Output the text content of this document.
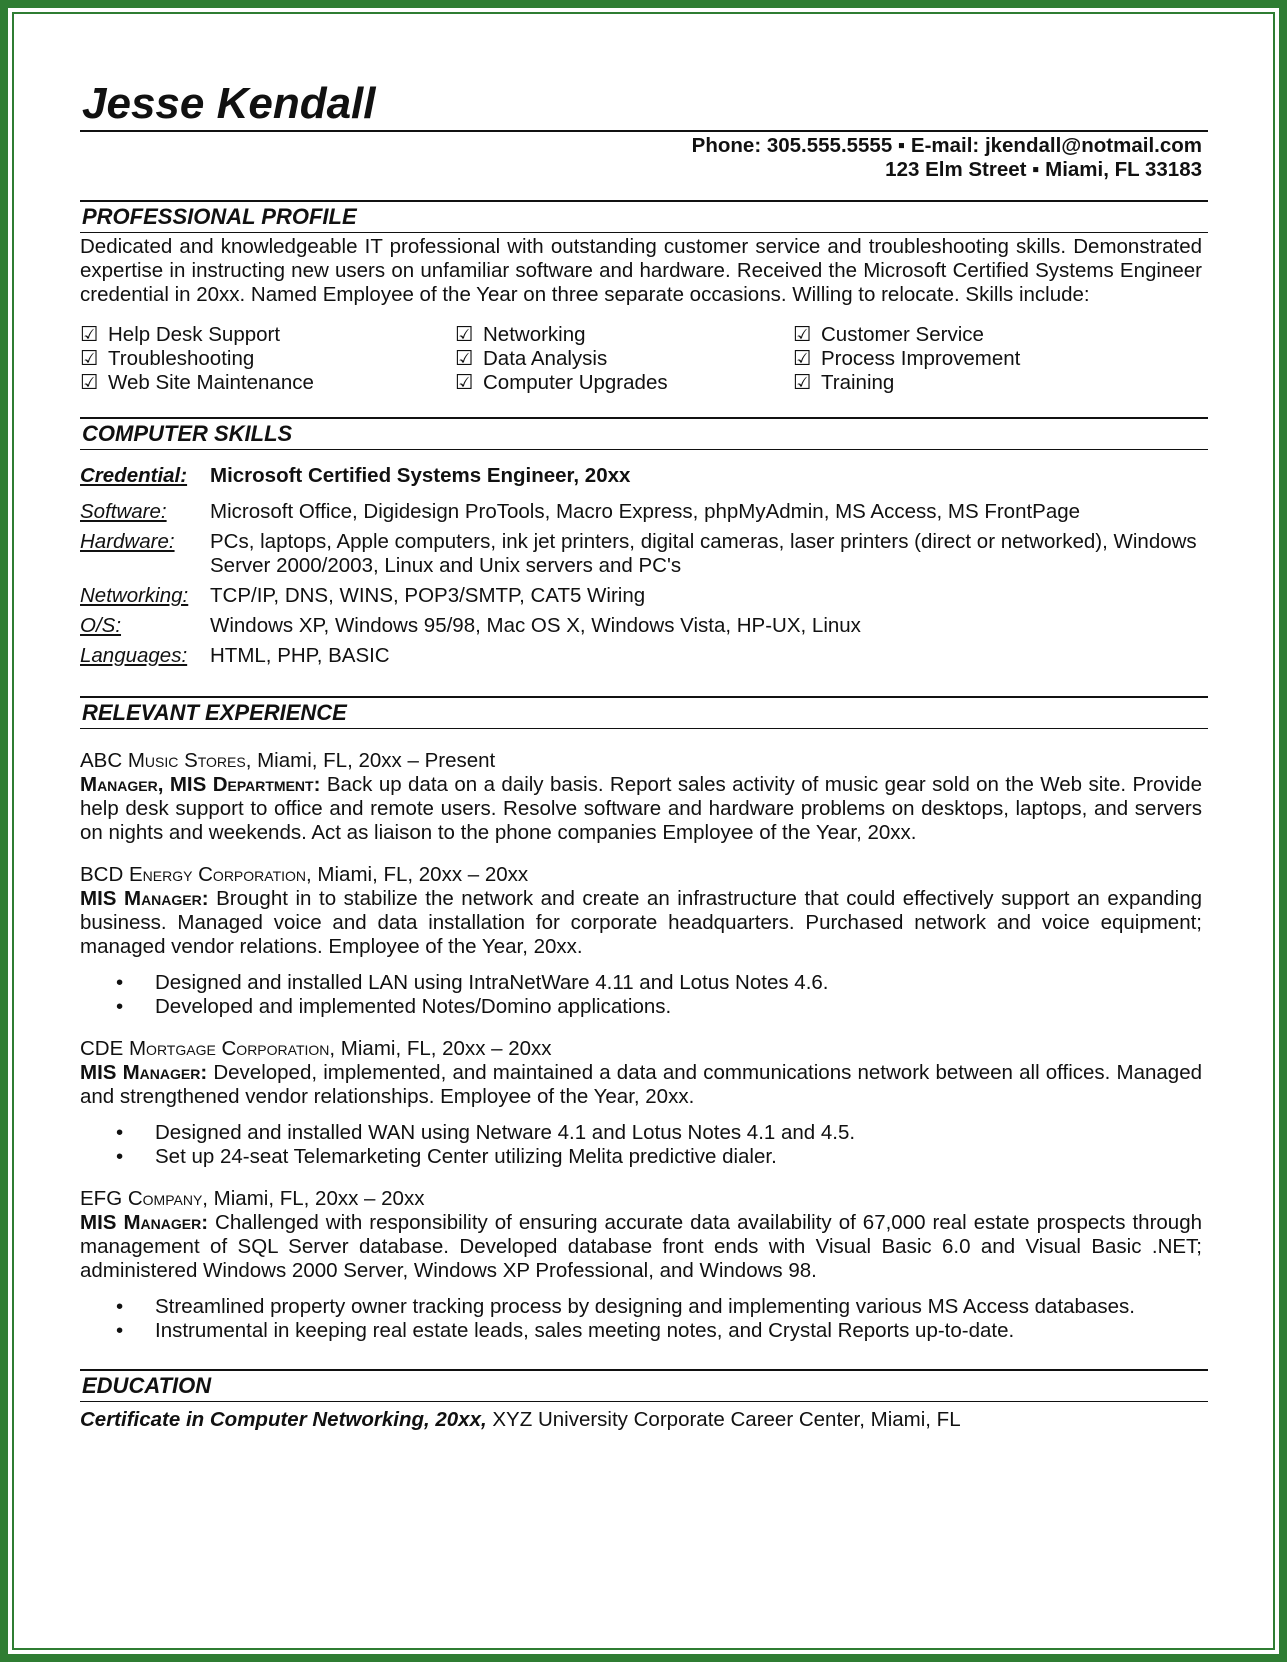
Jesse Kendall
Phone: 305.555.5555 ▪ E-mail: jkendall@notmail.com
123 Elm Street ▪ Miami, FL 33183
PROFESSIONAL PROFILE
Dedicated and knowledgeable IT professional with outstanding customer service and troubleshooting skills. Demonstrated expertise in instructing new users on unfamiliar software and hardware. Received the Microsoft Certified Systems Engineer credential in 20xx. Named Employee of the Year on three separate occasions. Willing to relocate. Skills include:
☑ Help Desk Support	☑ Networking	☑ Customer Service
☑ Troubleshooting	☑ Data Analysis	☑ Process Improvement
☑ Web Site Maintenance	☑ Computer Upgrades	☑ Training
COMPUTER SKILLS
Credential:	Microsoft Certified Systems Engineer, 20xx
Software:	Microsoft Office, Digidesign ProTools, Macro Express, phpMyAdmin, MS Access, MS FrontPage
Hardware:	PCs, laptops, Apple computers, ink jet printers, digital cameras, laser printers (direct or networked), Windows Server 2000/2003, Linux and Unix servers and PC's
Networking:	TCP/IP, DNS, WINS, POP3/SMTP, CAT5 Wiring
O/S:	Windows XP, Windows 95/98, Mac OS X, Windows Vista, HP-UX, Linux
Languages:	HTML, PHP, BASIC
RELEVANT EXPERIENCE
ABC Music Stores, Miami, FL, 20xx – Present
Manager, MIS Department: Back up data on a daily basis. Report sales activity of music gear sold on the Web site. Provide help desk support to office and remote users. Resolve software and hardware problems on desktops, laptops, and servers on nights and weekends. Act as liaison to the phone companies Employee of the Year, 20xx.
BCD Energy Corporation, Miami, FL, 20xx – 20xx
MIS Manager: Brought in to stabilize the network and create an infrastructure that could effectively support an expanding business. Managed voice and data installation for corporate headquarters. Purchased network and voice equipment; managed vendor relations. Employee of the Year, 20xx.
• Designed and installed LAN using IntraNetWare 4.11 and Lotus Notes 4.6.
• Developed and implemented Notes/Domino applications.
CDE Mortgage Corporation, Miami, FL, 20xx – 20xx
MIS Manager: Developed, implemented, and maintained a data and communications network between all offices. Managed and strengthened vendor relationships. Employee of the Year, 20xx.
• Designed and installed WAN using Netware 4.1 and Lotus Notes 4.1 and 4.5.
• Set up 24-seat Telemarketing Center utilizing Melita predictive dialer.
EFG Company, Miami, FL, 20xx – 20xx
MIS Manager: Challenged with responsibility of ensuring accurate data availability of 67,000 real estate prospects through management of SQL Server database. Developed database front ends with Visual Basic 6.0 and Visual Basic .NET; administered Windows 2000 Server, Windows XP Professional, and Windows 98.
• Streamlined property owner tracking process by designing and implementing various MS Access databases.
• Instrumental in keeping real estate leads, sales meeting notes, and Crystal Reports up-to-date.
EDUCATION
Certificate in Computer Networking, 20xx, XYZ University Corporate Career Center, Miami, FL
